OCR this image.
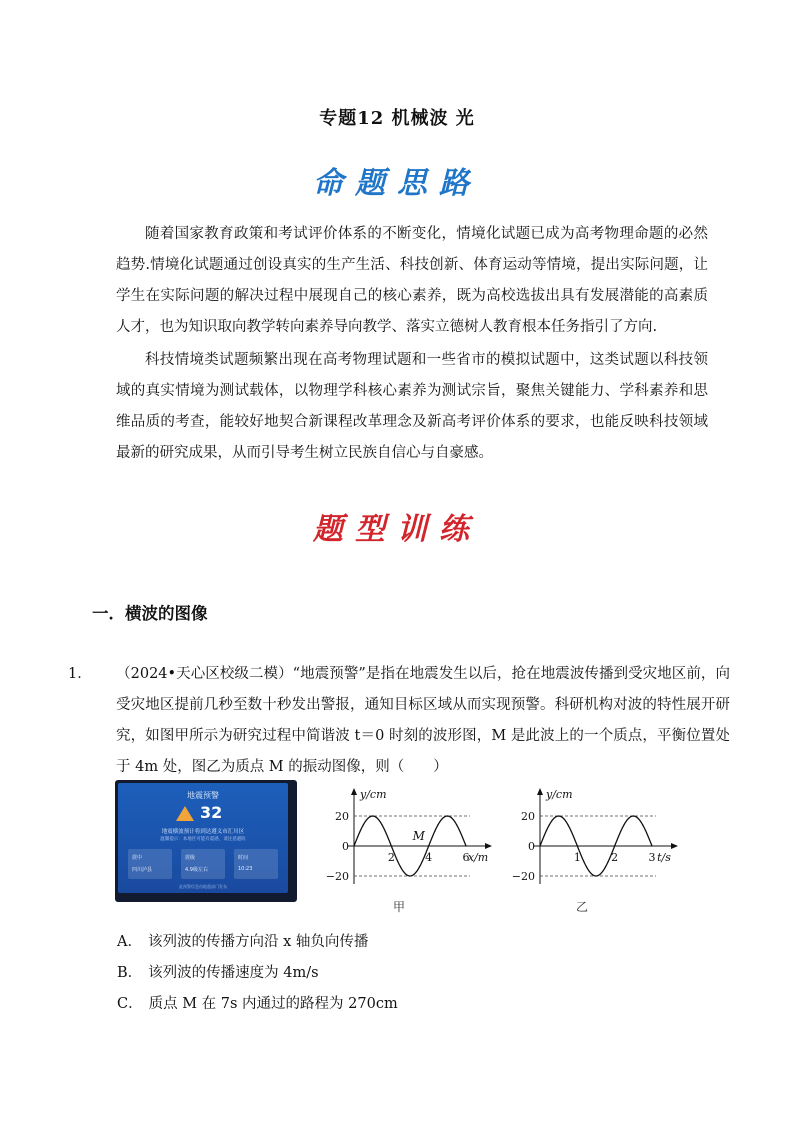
专题12 机械波 光
命题思路

随着国家教育政策和考试评价体系的不断变化，情境化试题已成为高考物理命题的必然趋势.情境化试题通过创设真实的生产生活、科技创新、体育运动等情境，提出实际问题，让学生在实际问题的解决过程中展现自己的核心素养，既为高校选拔出具有发展潜能的高素质人才，也为知识取向教学转向素养导向教学、落实立德树人教育根本任务指引了方向.

科技情境类试题频繁出现在高考物理试题和一些省市的模拟试题中，这类试题以科技领域的真实情境为测试载体，以物理学科核心素养为测试宗旨，聚焦关键能力、学科素养和思维品质的考查，能较好地契合新课程改革理念及新高考评价体系的要求，也能反映科技领域最新的研究成果，从而引导考生树立民族自信心与自豪感。

题型训练
一．横波的图像

1． （2024•天心区校级二模）“地震预警”是指在地震发生以后，抢在地震波传播到受灾地区前，向受灾地区提前几秒至数十秒发出警报，通知目标区域从而实现预警。科研机构对波的特性展开研究，如图甲所示为研究过程中简谐波 t＝0 时刻的波形图，M 是此波上的一个质点，平衡位置处于 4m 处，图乙为质点 M 的振动图像，则（　　）

地震预警
32
地震横波预计将到达遵义市汇川区
温馨提示：本地区可能有震感，请注意避险
震中
四川泸县
震级
4.9级左右
时间
10:23
此预警信息由地震部门发布
20
0
−20
2	4	6
x/m
y/cm
M
20
0
−20
1	2	3 t/s
y/cm
甲	乙
A． 该列波的传播方向沿 x 轴负向传播
B． 该列波的传播速度为 4m/s
C． 质点 M 在 7s 内通过的路程为 270cm
